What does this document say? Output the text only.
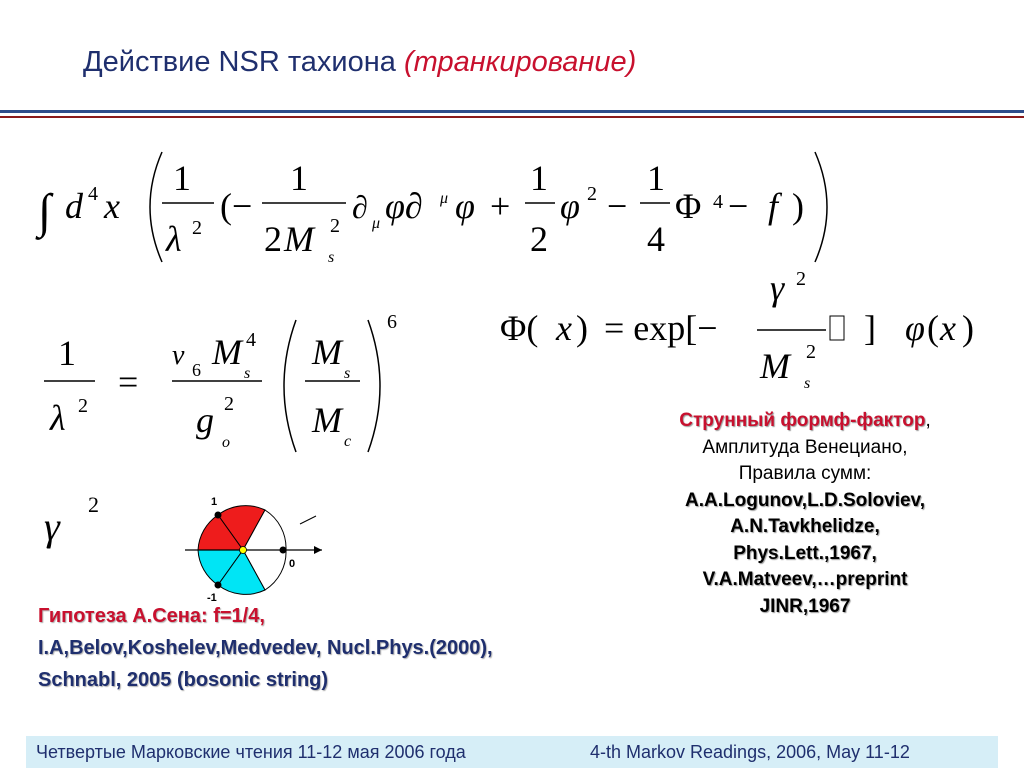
Действие NSR тахиона (транкирование)
∫ d 4 x
1
λ 2
(−
1
2 M 2
s
∂ μ φ∂ μ φ +
1
2
φ 2 −
1
4
Φ 4 − f )
1
λ 2
=
v 6 M 4
s
g 2
o
M
s
M
c
6	Φ( x ) = exp[−
γ 2
M 2
s
] φ ( x )
γ 2	1
-1
0
Струнный формф-фактор,
Амплитуда Венециано,
Правила сумм:
A.A.Logunov,L.D.Soloviev,
A.N.Tavkhelidze,
Phys.Lett.,1967,
V.A.Matveev,…preprint
JINR,1967
Гипотеза А.Сена: f=1/4,
I.A,Belov,Koshelev,Medvedev, Nucl.Phys.(2000),
Schnabl, 2005 (bosonic string)
Четвертые Марковские чтения 11-12 мая 2006 года	4-th Markov Readings, 2006, May 11-12
